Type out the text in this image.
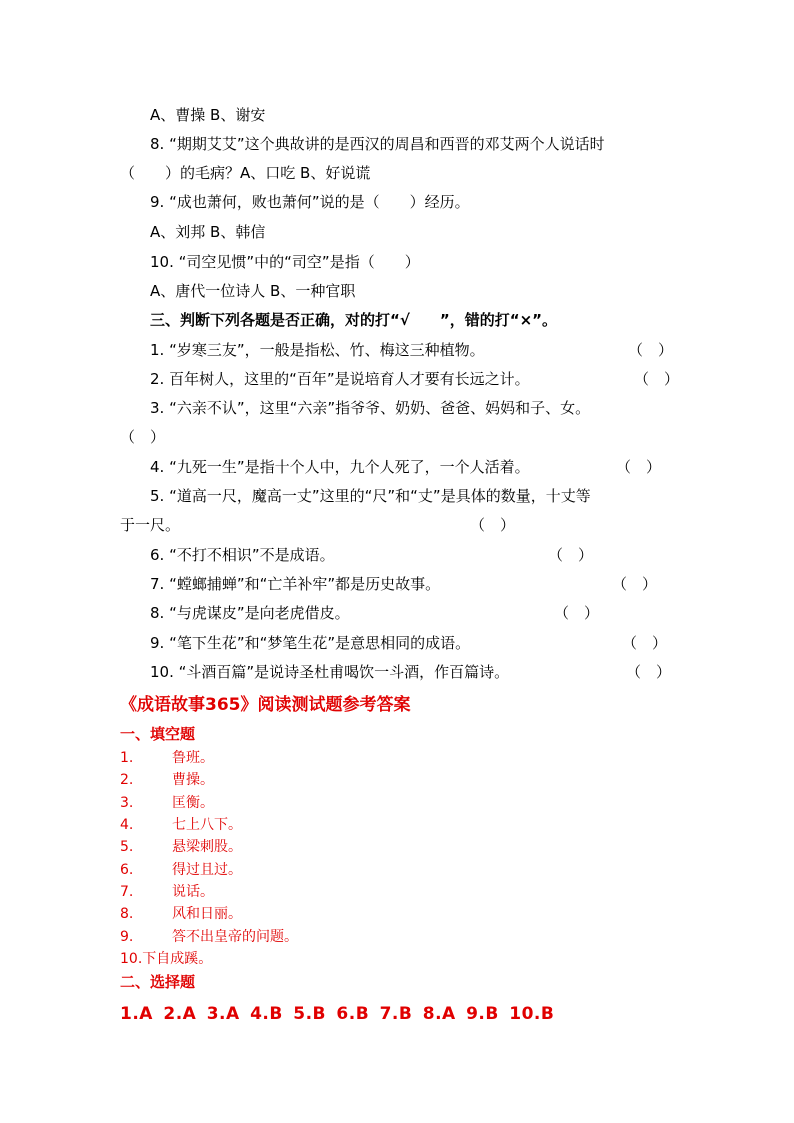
A、曹操 B、谢安
8. “期期艾艾”这个典故讲的是西汉的周昌和西晋的邓艾两个人说话时
（　　）的毛病？A、口吃 B、好说谎
9. “成也萧何，败也萧何”说的是（　　）经历。
A、刘邦 B、韩信
10. “司空见惯”中的“司空”是指（　　）
A、唐代一位诗人 B、一种官职
三、判断下列各题是否正确，对的打“√　　”，错的打“×”。
1. “岁寒三友”，一般是指松、竹、梅这三种植物。	（　）
2. 百年树人，这里的“百年”是说培育人才要有长远之计。	（　）
3. “六亲不认”，这里“六亲”指爷爷、奶奶、爸爸、妈妈和子、女。
（　）
4. “九死一生”是指十个人中，九个人死了，一个人活着。	（　）
5. “道高一尺，魔高一丈”这里的“尺”和“丈”是具体的数量，十丈等
于一尺。	（　）
6. “不打不相识”不是成语。	（　）
7. “螳螂捕蝉”和“亡羊补牢”都是历史故事。	（　）
8. “与虎谋皮”是向老虎借皮。	（　）
9. “笔下生花”和“梦笔生花”是意思相同的成语。	（　）
10. “斗酒百篇”是说诗圣杜甫喝饮一斗酒，作百篇诗。	（　）
《成语故事365》阅读测试题参考答案
一、填空题
1.	鲁班。
2.	曹操。
3.	匡衡。
4.	七上八下。
5.	悬梁刺股。
6.	得过且过。
7.	说话。
8.	风和日丽。
9.	答不出皇帝的问题。
10. 下自成蹊。
二、选择题
1.A 2.A 3.A 4.B 5.B 6.B 7.B 8.A 9.B 10.B
